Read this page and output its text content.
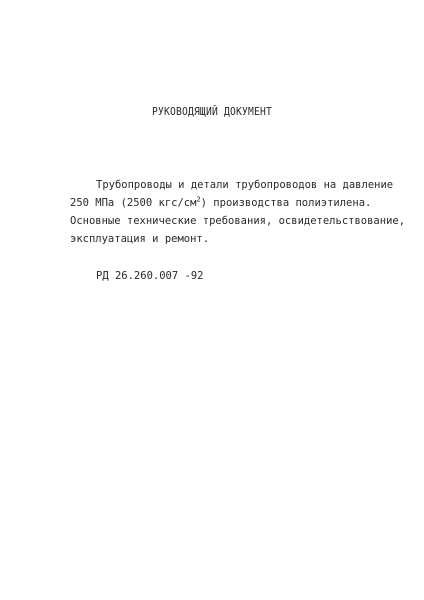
РУКОВОДЯЩИЙ ДОКУМЕНТ
Трубопроводы и детали трубопроводов на давление
250 МПа (2500 кгс/$см^2$) производства полиэтилена.
Основные технические требования, освидетельствование,
эксплуатация и ремонт.
РД 26.260.007 -92
